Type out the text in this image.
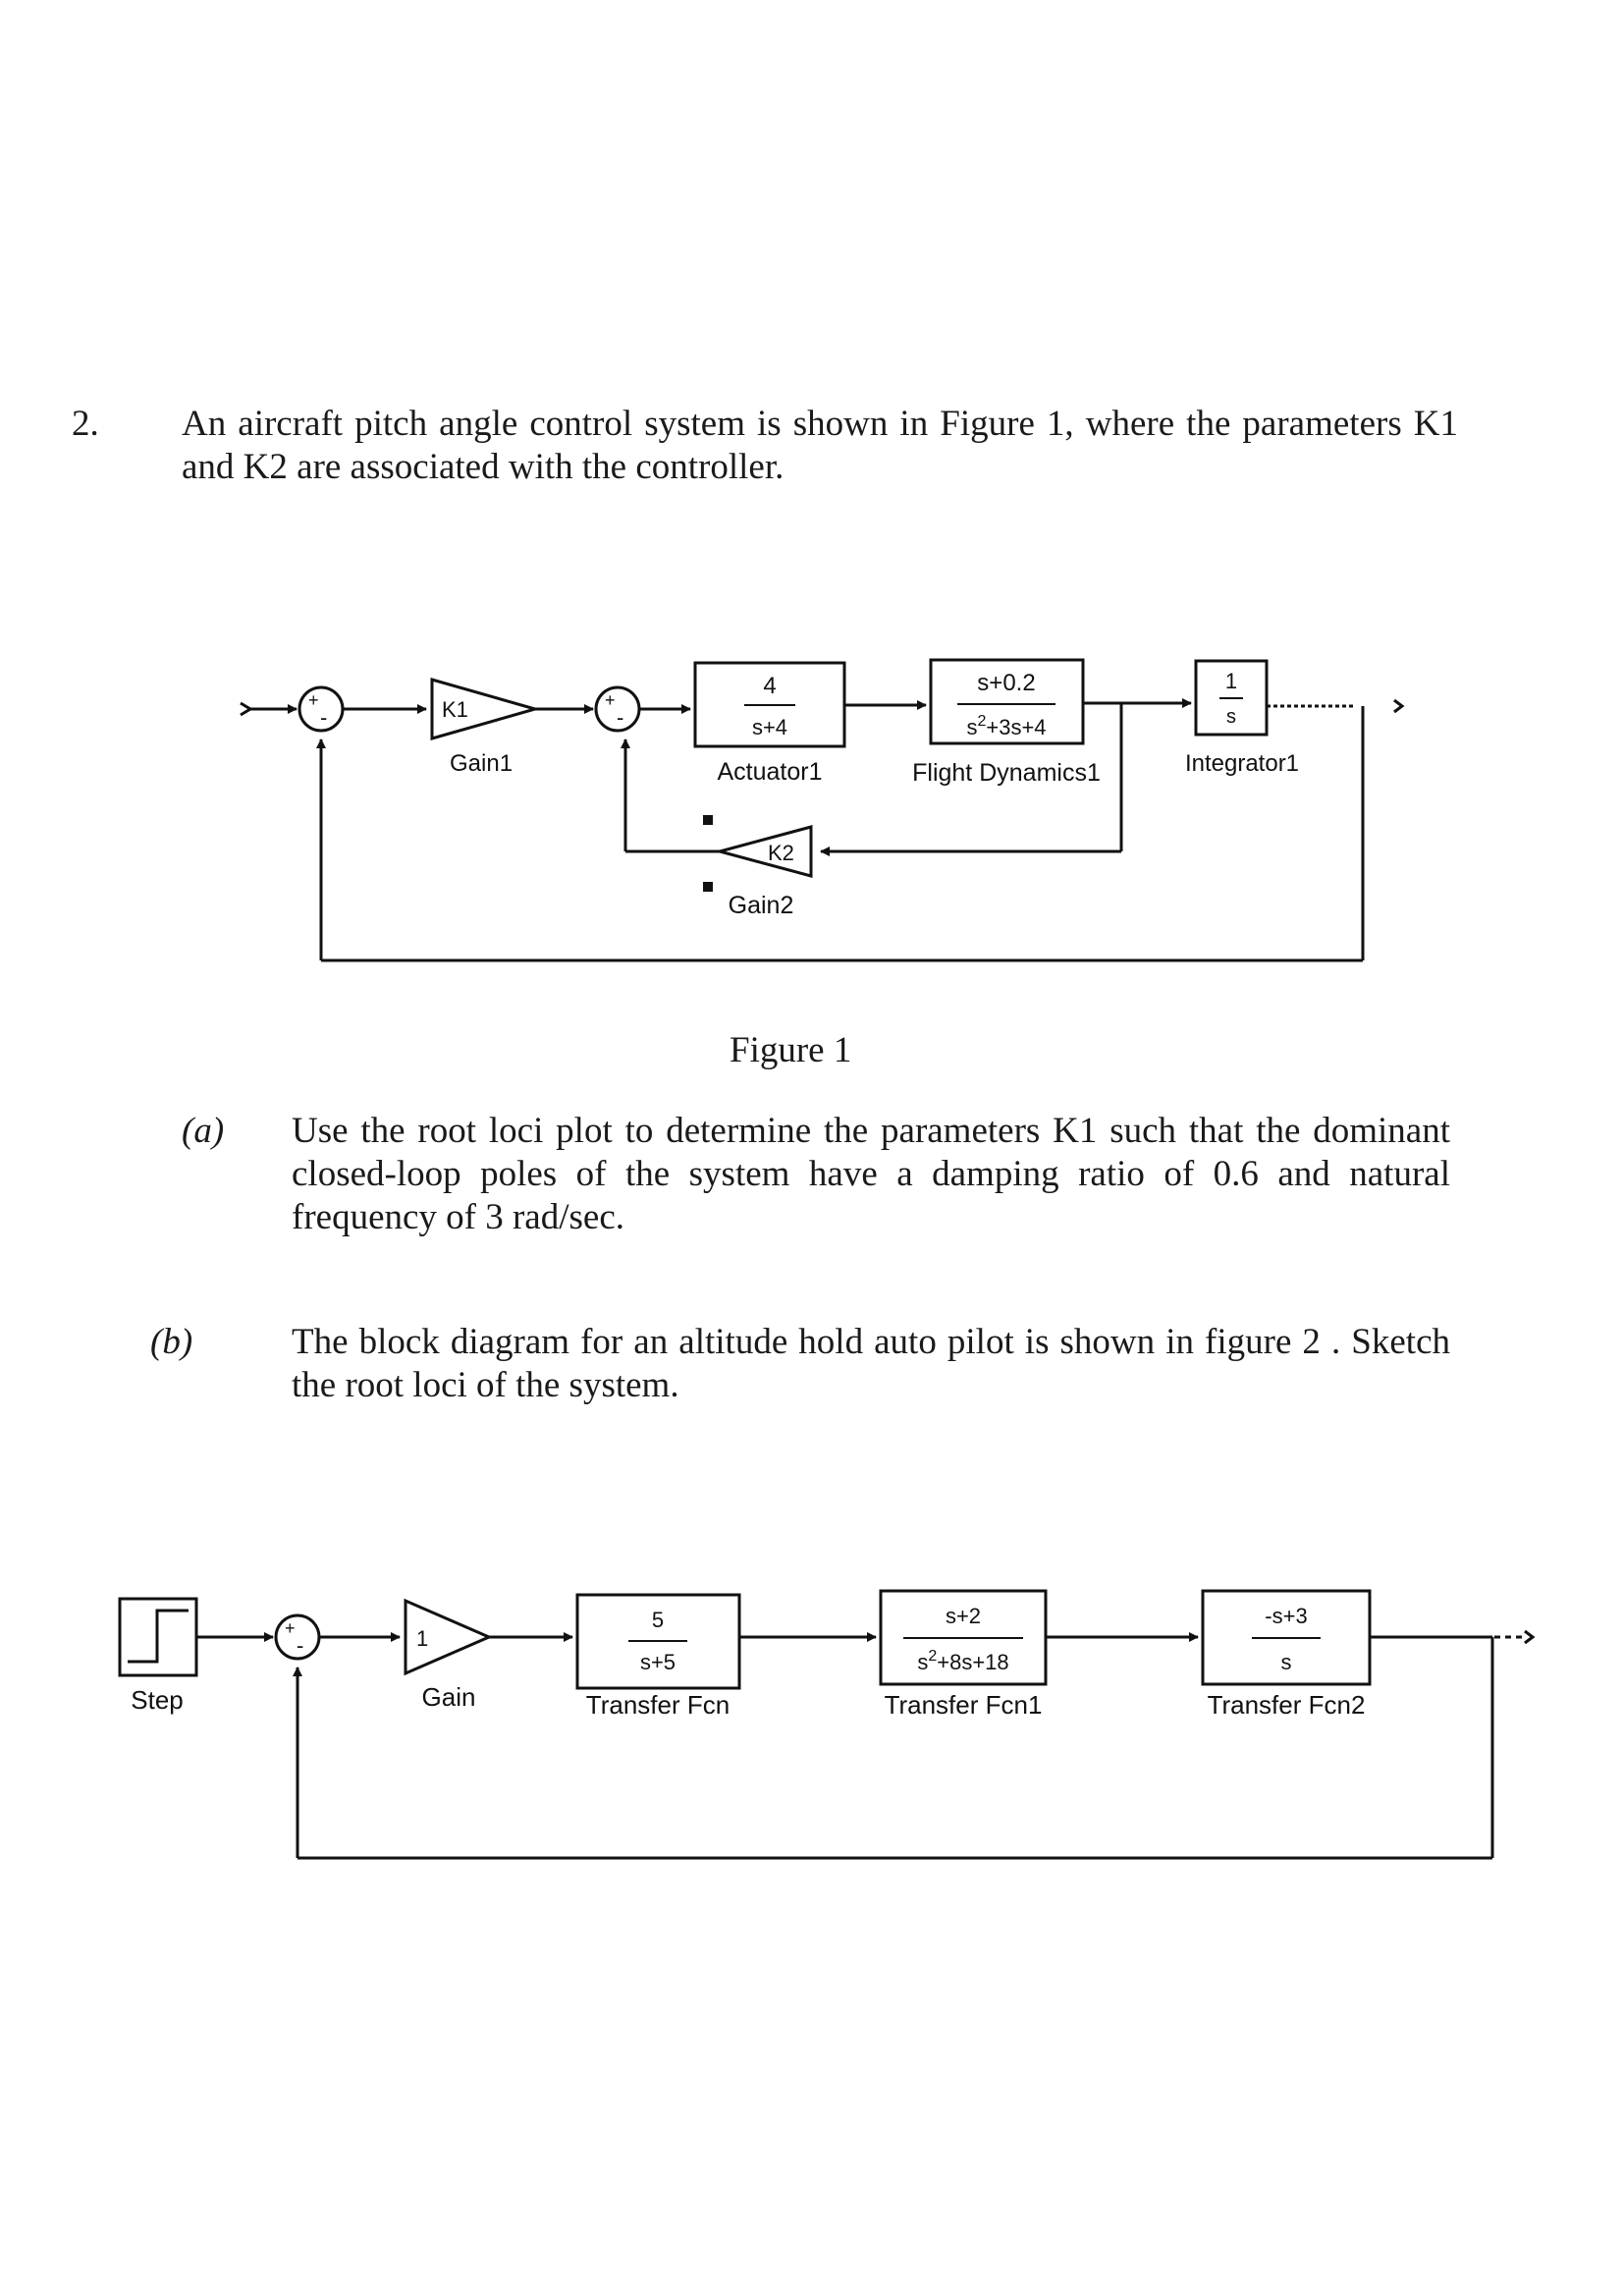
2. An aircraft pitch angle control system is shown in Figure 1, where the parameters K1 and K2 are associated with the controller.
+
-	K1
Gain1
+
-
4
s+4
Actuator1
s+0.2
$s^2+3s+4$
Flight Dynamics1
1
s
Integrator1
K2
Gain2
Figure 1
(a) Use the root loci plot to determine the parameters K1 such that the dominant closed-loop poles of the system have a damping ratio of 0.6 and natural frequency of 3 rad/sec.
(b)	The block diagram for an altitude hold auto pilot is shown in figure 2 . Sketch the root loci of the system.
Step
+
-	1
Gain
5
s+5
Transfer Fcn
s+2
$s^2+8s+18$
Transfer Fcn1
-s+3
s
Transfer Fcn2
